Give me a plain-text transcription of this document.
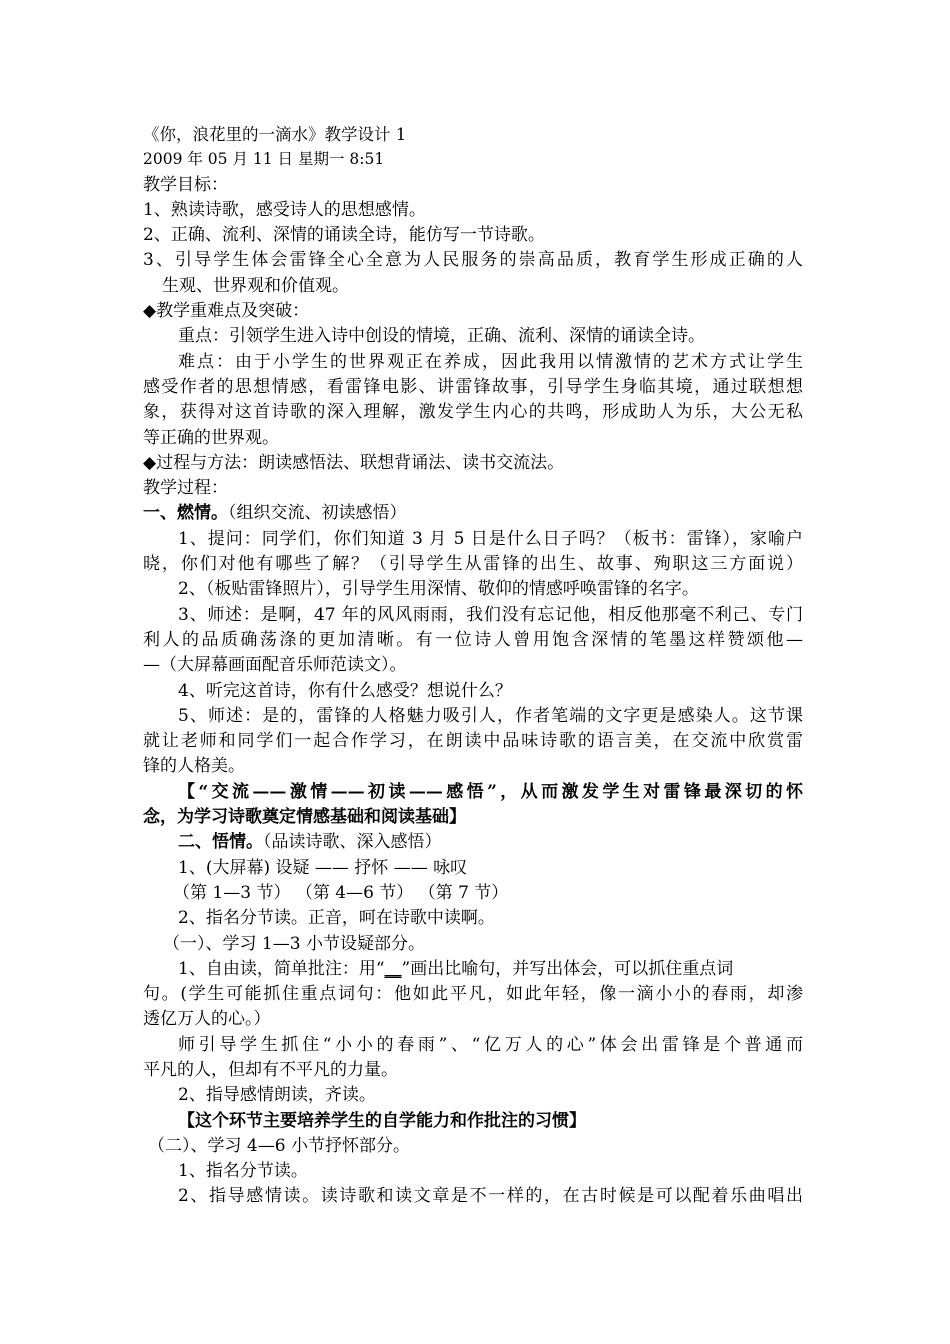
《你，浪花里的一滴水》教学设计 1
2009 年 05 月 11 日 星期一 8:51
教学目标：
1、熟读诗歌，感受诗人的思想感情。
2、正确、流利、深情的诵读全诗，能仿写一节诗歌。
3、引导学生体会雷锋全心全意为人民服务的崇高品质，教育学生形成正确的人
生观、世界观和价值观。
◆教学重难点及突破：
重点：引领学生进入诗中创设的情境，正确、流利、深情的诵读全诗。
难点：由于小学生的世界观正在养成，因此我用以情激情的艺术方式让学生
感受作者的思想情感，看雷锋电影、讲雷锋故事，引导学生身临其境，通过联想想
象，获得对这首诗歌的深入理解，激发学生内心的共鸣，形成助人为乐，大公无私
等正确的世界观。
◆过程与方法：朗读感悟法、联想背诵法、读书交流法。
教学过程：
一、燃情。（组织交流、初读感悟）
1、提问：同学们，你们知道 3 月 5 日是什么日子吗？（板书：雷锋），家喻户
晓，你们对他有哪些了解？（引导学生从雷锋的出生、故事、殉职这三方面说）
2、（板贴雷锋照片），引导学生用深情、敬仰的情感呼唤雷锋的名字。
3、师述：是啊，47 年的风风雨雨，我们没有忘记他，相反他那毫不利己、专门
利人的品质确荡涤的更加清晰。有一位诗人曾用饱含深情的笔墨这样赞颂他—
—（大屏幕画面配音乐师范读文）。
4、听完这首诗，你有什么感受？想说什么？
5、师述：是的，雷锋的人格魅力吸引人，作者笔端的文字更是感染人。这节课
就让老师和同学们一起合作学习，在朗读中品味诗歌的语言美，在交流中欣赏雷
锋的人格美。
【“交流——激情——初读——感悟”，从而激发学生对雷锋最深切的怀
念，为学习诗歌奠定情感基础和阅读基础】
二、悟情。（品读诗歌、深入感悟）
1、(大屏幕) 设疑 —— 抒怀 —— 咏叹
（第 1—3 节） （第 4—6 节） （第 7 节）
2、指名分节读。正音，呵在诗歌中读啊。
（一）、学习 1—3 小节设疑部分。
1、自由读，简单批注：用“__”画出比喻句，并写出体会，可以抓住重点词
句。(学生可能抓住重点词句：他如此平凡，如此年轻，像一滴小小的春雨，却渗
透亿万人的心。）
师引导学生抓住“小小的春雨”、“亿万人的心”体会出雷锋是个普通而
平凡的人，但却有不平凡的力量。
2、指导感情朗读，齐读。
【这个环节主要培养学生的自学能力和作批注的习惯】
（二）、学习 4—6 小节抒怀部分。
1、指名分节读。
2、指导感情读。读诗歌和读文章是不一样的，在古时候是可以配着乐曲唱出
